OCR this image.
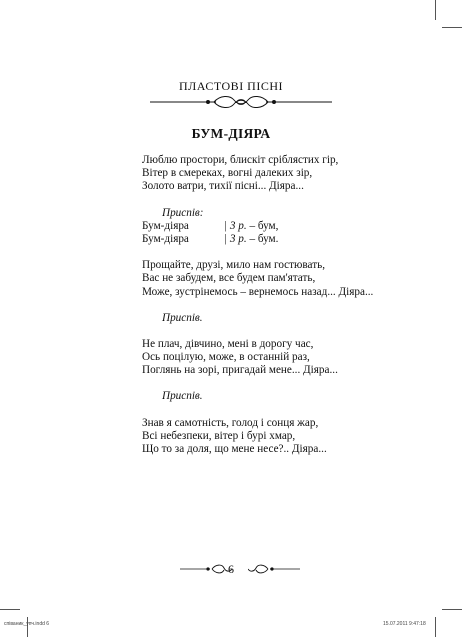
ПЛАСТОВІ ПІСНІ
БУМ-ДІЯРА
Люблю простори, блискіт сріблястих гір,
Вітер в смереках, вогні далеких зір,
Золото ватри, тихії пісні... Діяра...
Приспів:
Бум-діяра	| 3 р. – бум,
Бум-діяра	| 3 р. – бум.
Прощайте, друзі, мило нам гостювать,
Вас не забудем, все будем пам'ятать,
Може, зустрінемось – вернемось назад... Діяра...
Приспів.
Не плач, дівчино, мені в дорогу час,
Ось поцілую, може, в останній раз,
Поглянь на зорі, пригадай мене... Діяра...
Приспів.
Знав я самотність, голод і сонця жар,
Всі небезпеки, вітер і бурі хмар,
Що то за доля, що мене несе?.. Діяра...
6
співаник_упч.indd 6	15.07.2011 9:47:18
